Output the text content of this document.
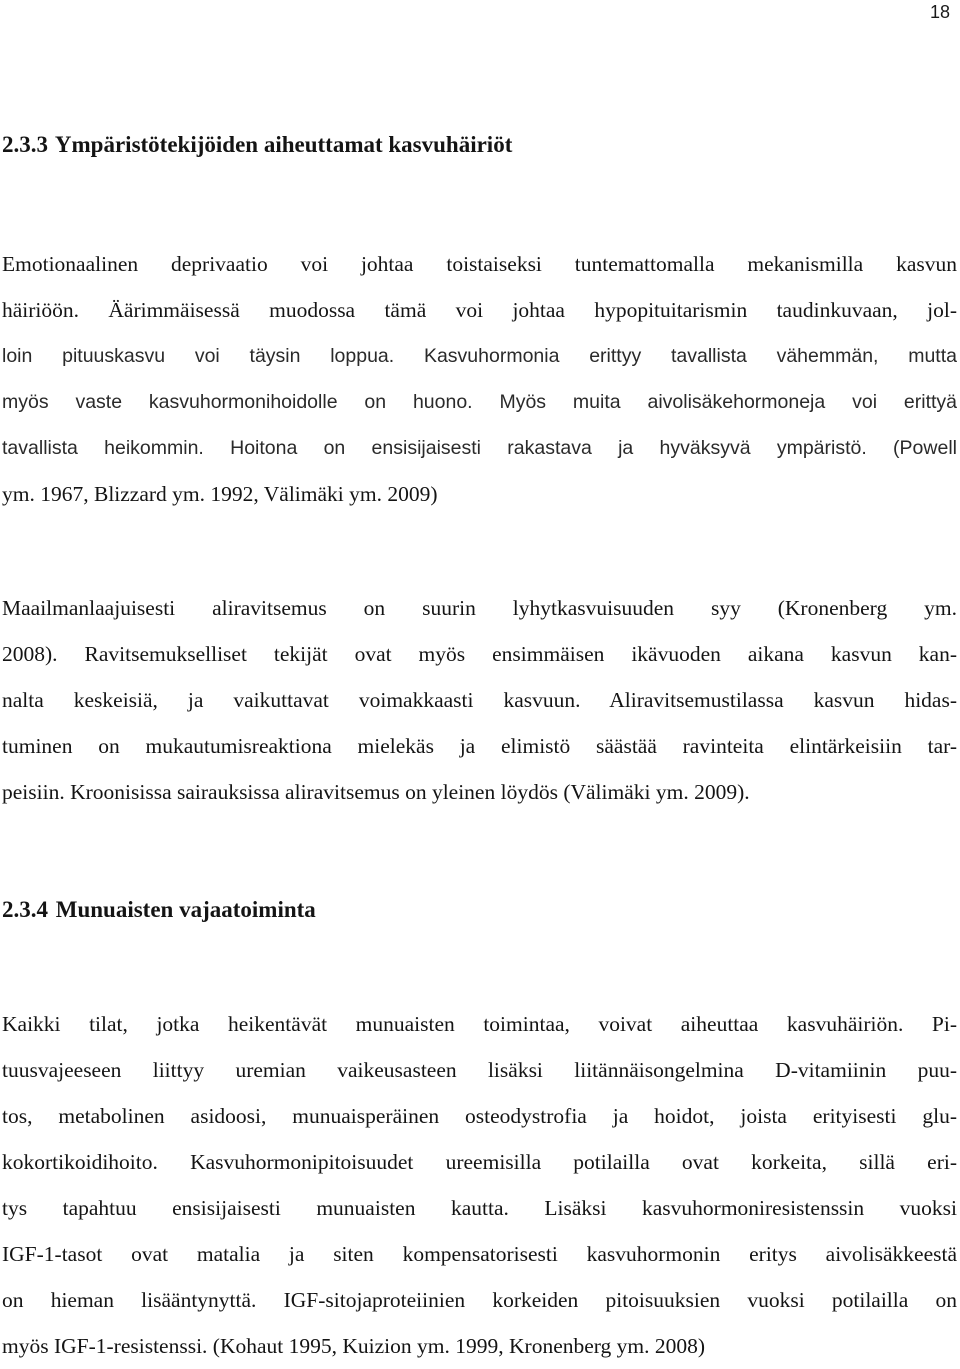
18
2.3.3 Ympäristötekijöiden aiheuttamat kasvuhäiriöt
Emotionaalinen deprivaatio voi johtaa toistaiseksi tuntemattomalla mekanismilla kasvun
häiriöön. Äärimmäisessä muodossa tämä voi johtaa hypopituitarismin taudinkuvaan, jol-
loin pituuskasvu voi täysin loppua. Kasvuhormonia erittyy tavallista vähemmän, mutta
myös vaste kasvuhormonihoidolle on huono. Myös muita aivolisäkehormoneja voi erittyä
tavallista heikommin. Hoitona on ensisijaisesti rakastava ja hyväksyvä ympäristö. (Powell
ym. 1967, Blizzard ym. 1992, Välimäki ym. 2009)
Maailmanlaajuisesti aliravitsemus on suurin lyhytkasvuisuuden syy (Kronenberg ym.
2008). Ravitsemukselliset tekijät ovat myös ensimmäisen ikävuoden aikana kasvun kan-
nalta keskeisiä, ja vaikuttavat voimakkaasti kasvuun. Aliravitsemustilassa kasvun hidas-
tuminen on mukautumisreaktiona mielekäs ja elimistö säästää ravinteita elintärkeisiin tar-
peisiin. Kroonisissa sairauksissa aliravitsemus on yleinen löydös (Välimäki ym. 2009).
2.3.4 Munuaisten vajaatoiminta
Kaikki tilat, jotka heikentävät munuaisten toimintaa, voivat aiheuttaa kasvuhäiriön. Pi-
tuusvajeeseen liittyy uremian vaikeusasteen lisäksi liitännäisongelmina D-vitamiinin puu-
tos, metabolinen asidoosi, munuaisperäinen osteodystrofia ja hoidot, joista erityisesti glu-
kokortikoidihoito. Kasvuhormonipitoisuudet ureemisilla potilailla ovat korkeita, sillä eri-
tys tapahtuu ensisijaisesti munuaisten kautta. Lisäksi kasvuhormoniresistenssin vuoksi
IGF-1-tasot ovat matalia ja siten kompensatorisesti kasvuhormonin eritys aivolisäkkeestä
on hieman lisääntynyttä. IGF-sitojaproteiinien korkeiden pitoisuuksien vuoksi potilailla on
myös IGF-1-resistenssi. (Kohaut 1995, Kuizion ym. 1999, Kronenberg ym. 2008)
